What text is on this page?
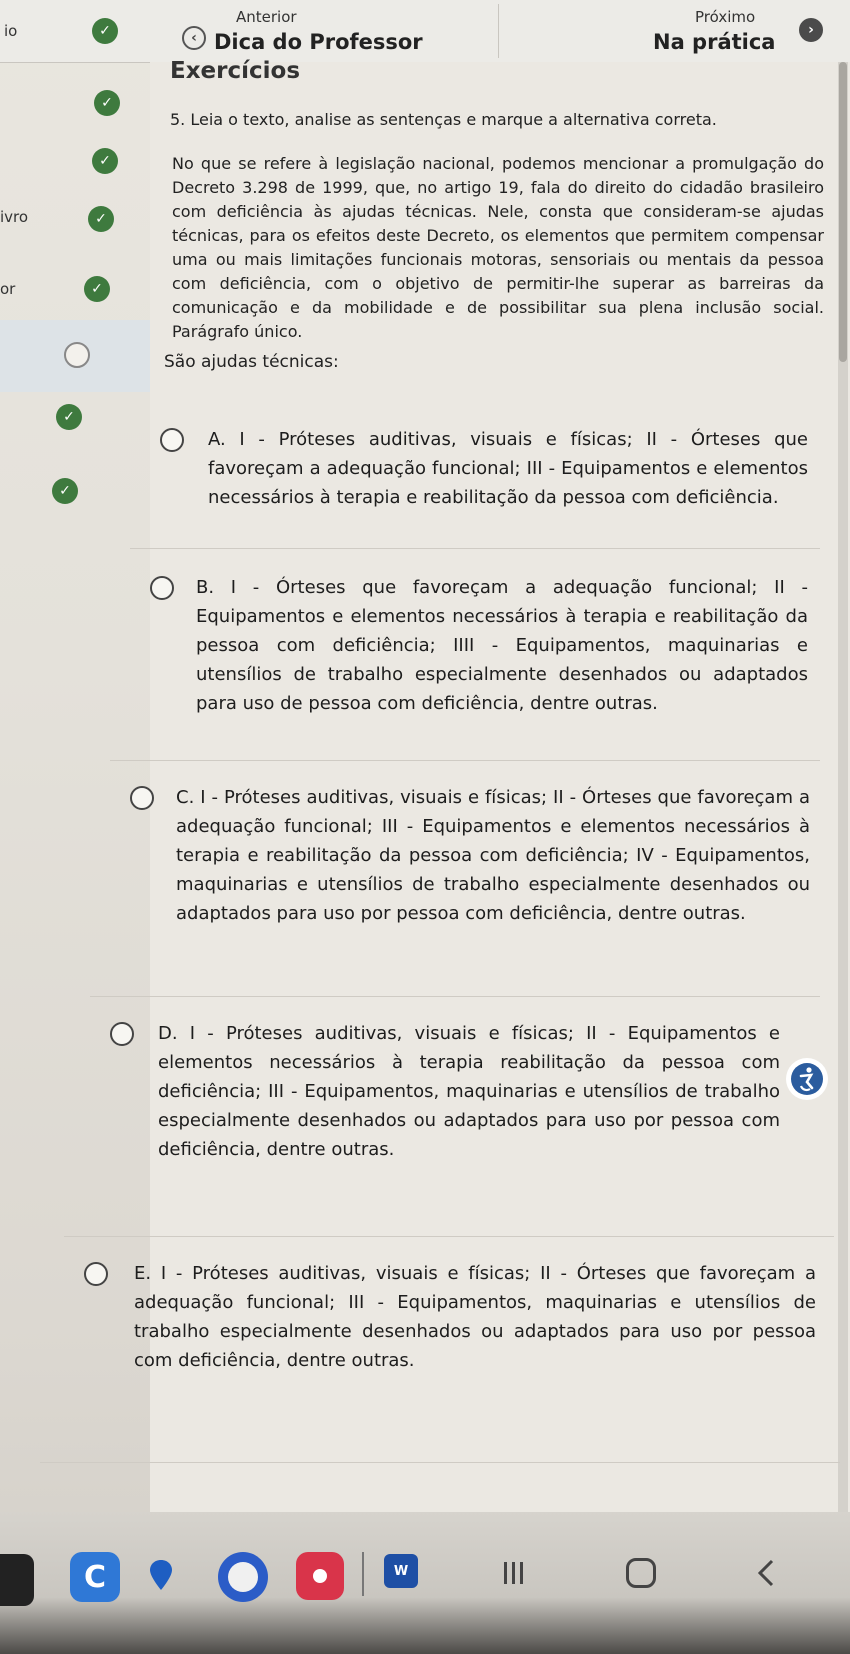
io
Anterior
‹ Dica do Professor
Próximo
Na prática	›
ivro
or
✓
✓
✓
✓
✓
✓
✓
Exercícios
5. Leia o texto, analise as sentenças e marque a alternativa correta.
No que se refere à legislação nacional, podemos mencionar a promulgação do Decreto 3.298 de 1999, que, no artigo 19, fala do direito do cidadão brasileiro com deficiência às ajudas técnicas. Nele, consta que consideram-se ajudas técnicas, para os efeitos deste Decreto, os elementos que permitem compensar uma ou mais limitações funcionais motoras, sensoriais ou mentais da pessoa com deficiência, com o objetivo de permitir-lhe superar as barreiras da comunicação e da mobilidade e de possibilitar sua plena inclusão social. Parágrafo único.
São ajudas técnicas:
A. I - Próteses auditivas, visuais e físicas; II - Órteses que favoreçam a adequação funcional; III - Equipamentos e elementos necessários à terapia e reabilitação da pessoa com deficiência.
B. I - Órteses que favoreçam a adequação funcional; II - Equipamentos e elementos necessários à terapia e reabilitação da pessoa com deficiência; IIII - Equipamentos, maquinarias e utensílios de trabalho especialmente desenhados ou adaptados para uso de pessoa com deficiência, dentre outras.
C. I - Próteses auditivas, visuais e físicas; II - Órteses que favoreçam a adequação funcional; III - Equipamentos e elementos necessários à terapia e reabilitação da pessoa com deficiência; IV - Equipamentos, maquinarias e utensílios de trabalho especialmente desenhados ou adaptados para uso por pessoa com deficiência, dentre outras.
D. I - Próteses auditivas, visuais e físicas; II - Equipamentos e elementos necessários à terapia reabilitação da pessoa com deficiência; III - Equipamentos, maquinarias e utensílios de trabalho especialmente desenhados ou adaptados para uso por pessoa com deficiência, dentre outras.
E. I - Próteses auditivas, visuais e físicas; II - Órteses que favoreçam a adequação funcional; III - Equipamentos, maquinarias e utensílios de trabalho especialmente desenhados ou adaptados para uso por pessoa com deficiência, dentre outras.
C	W
